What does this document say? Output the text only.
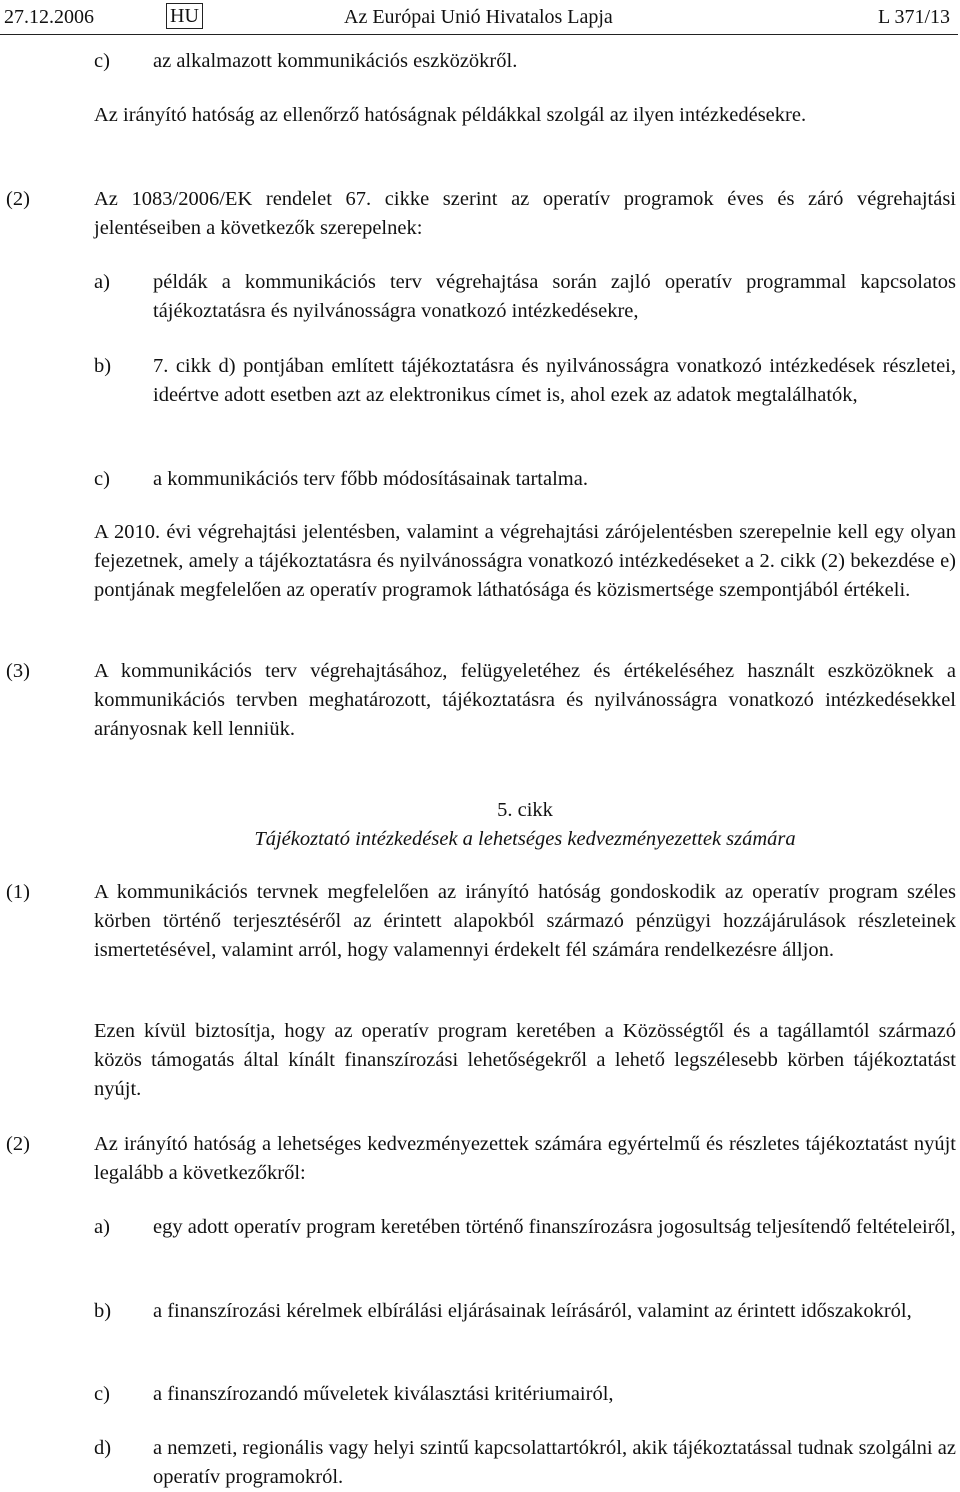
27.12.2006	HU	Az Európai Unió Hivatalos Lapja	L 371/13
c) az alkalmazott kommunikációs eszközökről.
Az irányító hatóság az ellenőrző hatóságnak példákkal szolgál az ilyen intézkedésekre.
(2)	Az 1083/2006/EK rendelet 67. cikke szerint az operatív programok éves és záró végrehajtási jelentéseiben a következők szerepelnek:
a) példák a kommunikációs terv végrehajtása során zajló operatív programmal kapcsolatos tájékoztatásra és nyilvánosságra vonatkozó intézkedésekre,
b) 7. cikk d) pontjában említett tájékoztatásra és nyilvánosságra vonatkozó intézkedések részletei, ideértve adott esetben azt az elektronikus címet is, ahol ezek az adatok megtalálhatók,
c) a kommunikációs terv főbb módosításainak tartalma.
A 2010. évi végrehajtási jelentésben, valamint a végrehajtási zárójelentésben szerepelnie kell egy olyan fejezetnek, amely a tájékoztatásra és nyilvánosságra vonatkozó intézkedéseket a 2. cikk (2) bekezdése e) pontjának megfelelően az operatív programok láthatósága és közismertsége szempontjából értékeli.
(3)	A kommunikációs terv végrehajtásához, felügyeletéhez és értékeléséhez használt eszközöknek a kommunikációs tervben meghatározott, tájékoztatásra és nyilvánosságra vonatkozó intézkedésekkel arányosnak kell lenniük.
5. cikk
Tájékoztató intézkedések a lehetséges kedvezményezettek számára
(1)	A kommunikációs tervnek megfelelően az irányító hatóság gondoskodik az operatív program széles körben történő terjesztéséről az érintett alapokból származó pénzügyi hozzájárulások részleteinek ismertetésével, valamint arról, hogy valamennyi érdekelt fél számára rendelkezésre álljon.
Ezen kívül biztosítja, hogy az operatív program keretében a Közösségtől és a tagállamtól származó közös támogatás által kínált finanszírozási lehetőségekről a lehető legszélesebb körben tájékoztatást nyújt.
(2)	Az irányító hatóság a lehetséges kedvezményezettek számára egyértelmű és részletes tájékoztatást nyújt legalább a következőkről:
a) egy adott operatív program keretében történő finanszírozásra jogosultság teljesítendő feltételeiről,
b) a finanszírozási kérelmek elbírálási eljárásainak leírásáról, valamint az érintett időszakokról,
c) a finanszírozandó műveletek kiválasztási kritériumairól,
d) a nemzeti, regionális vagy helyi szintű kapcsolattartókról, akik tájékoztatással tudnak szolgálni az operatív programokról.
